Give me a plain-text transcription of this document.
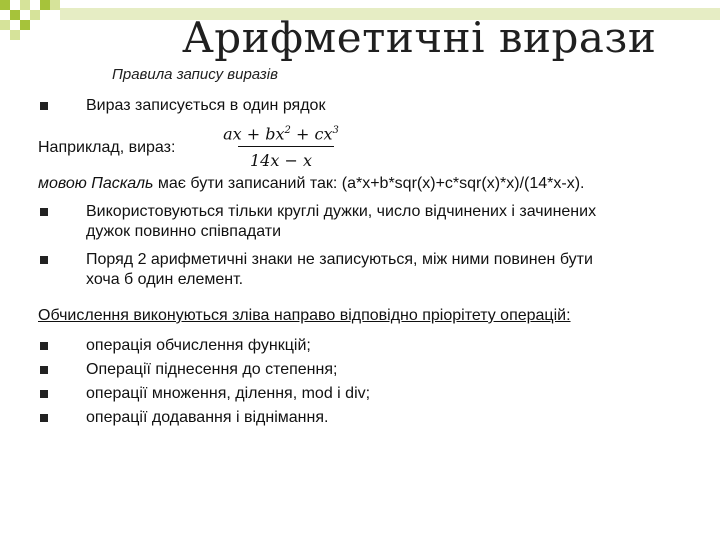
Арифметичні вирази
Правила запису виразів
Вираз записується в один рядок
Наприклад, вираз:
ax + $bx^2 + cx^3$
14x − x
мовою Паскаль має бути записаний так: (a*x+b*sqr(x)+c*sqr(x)*x)/(14*x-x).
Використовуються тільки круглі дужки, число відчинених і зачинених
дужок повинно співпадати
Поряд 2 арифметичні знаки не записуються, між ними повинен бути
хоча б один елемент.
Обчислення виконуються зліва направо відповідно пріорітету операцій:
операція обчислення функцій;
Операції піднесення до степення;
операції множення, ділення, mod і div;
операції додавання і віднімання.
